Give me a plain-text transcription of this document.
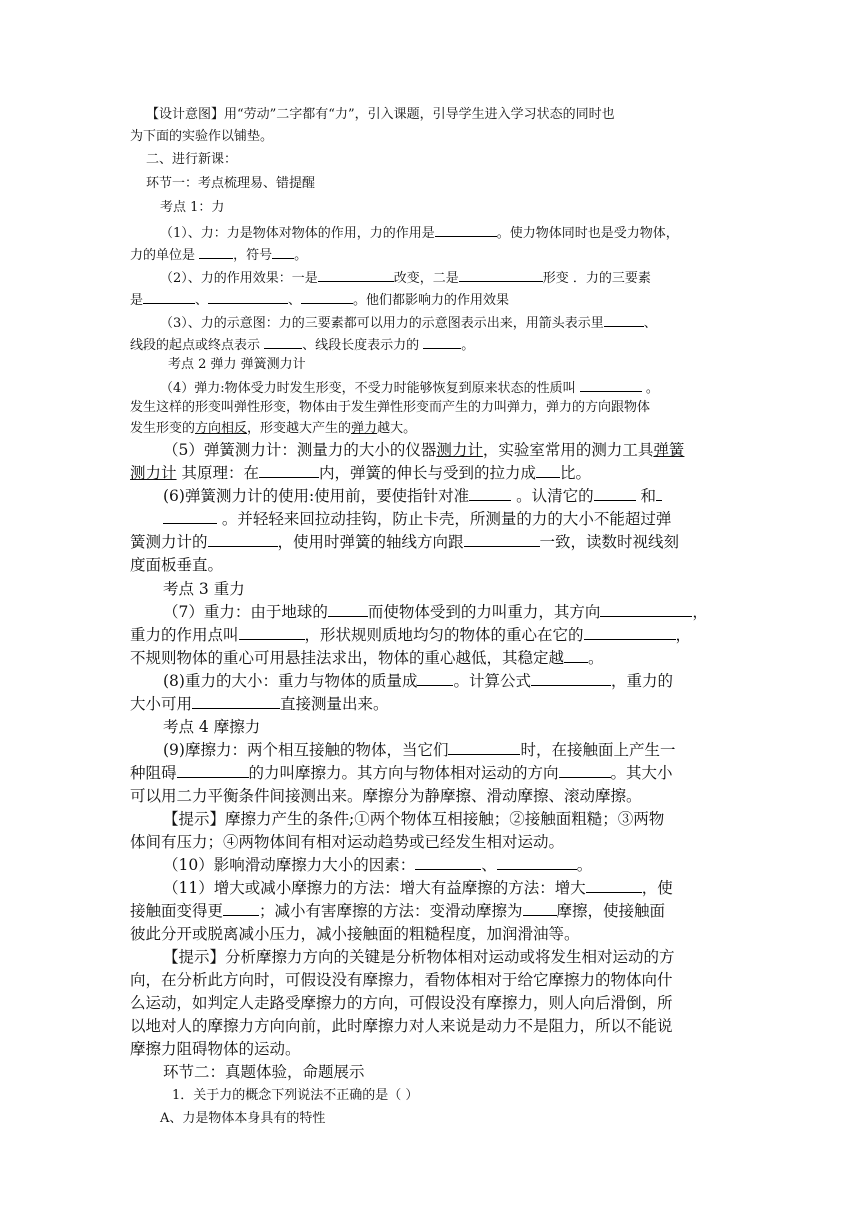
【设计意图】用“劳动”二字都有“力”，引入课题，引导学生进入学习状态的同时也
为下面的实验作以铺垫。
二、进行新课：
环节一：考点梳理易、错提醒
考点 1：力
（1）、力：力是物体对物体的作用，力的作用是	。使力物体同时也是受力物体，
力的单位是	，符号 。
（2）、力的作用效果：一是	改变，二是	形变 ．力的三要素
是	、	、	。他们都影响力的作用效果
（3）、力的示意图：力的三要素都可以用力的示意图表示出来，用箭头表示里	、
线段的起点或终点表示	、线段长度表示力的	。
考点 2 弹力 弹簧测力计
（4）弹力:物体受力时发生形变，不受力时能够恢复到原来状态的性质叫	。
发生这样的形变叫弹性形变，物体由于发生弹性形变而产生的力叫弹力，弹力的方向跟物体
发生形变的方向相反，形变越大产生的弹力越大。
（5）弹簧测力计：测量力的大小的仪器测力计，实验室常用的测力工具弹簧
测力计 其原理：在	内，弹簧的伸长与受到的拉力成 比。
(6)弹簧测力计的使用:使用前，要使指针对准	。认清它的	和
。并轻轻来回拉动挂钩，防止卡壳，所测量的力的大小不能超过弹
簧测力计的	，使用时弹簧的轴线方向跟	一致，读数时视线刻
度面板垂直。
考点 3 重力
（7）重力：由于地球的	而使物体受到的力叫重力，其方向	，
重力的作用点叫	，形状规则质地均匀的物体的重心在它的	，
不规则物体的重心可用悬挂法求出，物体的重心越低，其稳定越 。
(8)重力的大小：重力与物体的质量成 。计算公式	，重力的
大小可用	直接测量出来。
考点 4 摩擦力
(9)摩擦力：两个相互接触的物体，当它们	时，在接触面上产生一
种阻碍	的力叫摩擦力。其方向与物体相对运动的方向	。其大小
可以用二力平衡条件间接测出来。摩擦分为静摩擦、滑动摩擦、滚动摩擦。
【提示】摩擦力产生的条件;①两个物体互相接触；②接触面粗糙；③两物
体间有压力；④两物体间有相对运动趋势或已经发生相对运动。
（10）影响滑动摩擦力大小的因素：	、	。
（11）增大或减小摩擦力的方法：增大有益摩擦的方法：增大	，使
接触面变得更 ；减小有害摩擦的方法：变滑动摩擦为 摩擦，使接触面
彼此分开或脱离减小压力，减小接触面的粗糙程度，加润滑油等。
【提示】分析摩擦力方向的关键是分析物体相对运动或将发生相对运动的方
向，在分析此方向时，可假设没有摩擦力，看物体相对于给它摩擦力的物体向什
么运动，如判定人走路受摩擦力的方向，可假设没有摩擦力，则人向后滑倒，所
以地对人的摩擦力方向向前，此时摩擦力对人来说是动力不是阻力，所以不能说
摩擦力阻碍物体的运动。
环节二：真题体验，命题展示
1．关于力的概念下列说法不正确的是（ ）
A、力是物体本身具有的特性
